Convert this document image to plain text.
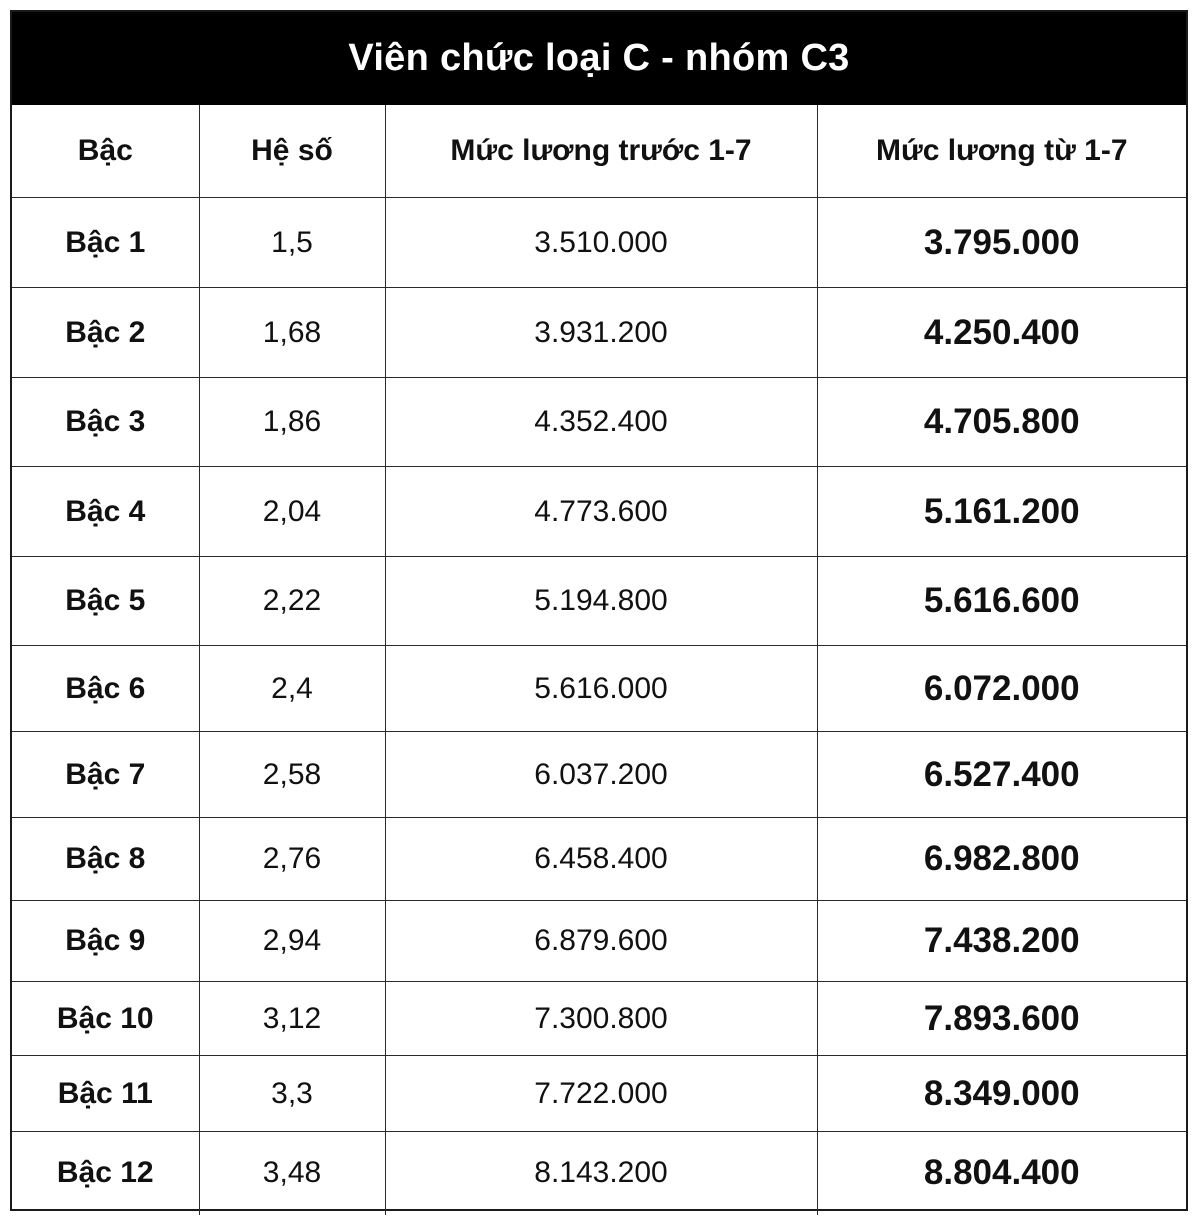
Viên chức loại C - nhóm C3
Bậc	Hệ số	Mức lương trước 1-7	Mức lương từ 1-7
Bậc 1	1,5	3.510.000	3.795.000
Bậc 2	1,68	3.931.200	4.250.400
Bậc 3	1,86	4.352.400	4.705.800
Bậc 4	2,04	4.773.600	5.161.200
Bậc 5	2,22	5.194.800	5.616.600
Bậc 6	2,4	5.616.000	6.072.000
Bậc 7	2,58	6.037.200	6.527.400
Bậc 8	2,76	6.458.400	6.982.800
Bậc 9	2,94	6.879.600	7.438.200
Bậc 10	3,12	7.300.800	7.893.600
Bậc 11	3,3	7.722.000	8.349.000
Bậc 12	3,48	8.143.200	8.804.400
